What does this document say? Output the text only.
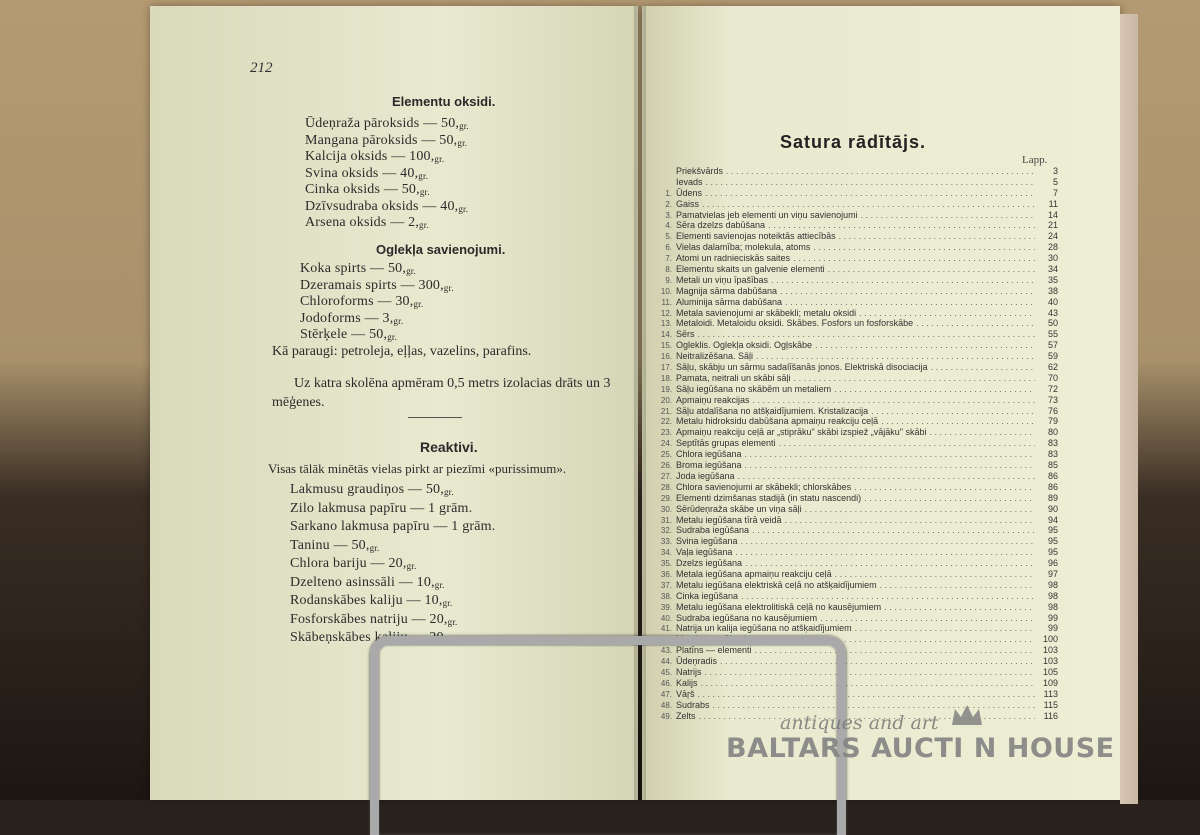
212
Elementu oksidi.
Ūdeņraža pāroksids — $50,_{gr.}$
Mangana pāroksids — $50,_{gr.}$
Kalcija oksids — $100,_{gr.}$
Svina oksids — $40,_{gr.}$
Cinka oksids — $50,_{gr.}$
Dzīvsudraba oksids — $40,_{gr.}$
Arsena oksids — $2,_{gr.}$
Oglekļa savienojumi.
Koka spirts — $50,_{gr.}$
Dzeramais spirts — $300,_{gr.}$
Chloroforms — $30,_{gr.}$
Jodoforms — $3,_{gr.}$
Stērķele — $50,_{gr.}$
Kā paraugi: petroleja, eļļas, vazelins, parafins.
Uz katra skolēna apmēram 0,5 metrs izolacias drāts un 3 mēģenes.
Reaktivi.
Visas tālāk minētās vielas pirkt ar piezīmi «purissimum».
Lakmusu graudiņos — $50,_{gr.}$
Zilo lakmusa papīru — 1 grām.
Sarkano lakmusa papīru — 1 grām.
Taninu — $50,_{gr.}$
Chlora bariju — $20,_{gr.}$
Dzelteno asinssāli — $10,_{gr.}$
Rodanskābes kaliju — $10,_{gr.}$
Fosforskābes natriju — $20,_{gr.}$
Skābeņskābes kaliju — $20,_{gr.}$
Satura rādītājs.
Lapp.
Priekšvārds . . .	3
Ievads . . .	5
1. Ūdens . . .	7
2. Gaiss . . .	11
3. Pamatvielas jeb elementi un viņu savienojumi . . .	14
4. Sēra dzelzs dabūšana . . .	21
5. Elementi savienojas noteiktās attiecībās . . .	24
6. Vielas dalamība; molekula, atoms . . .	28
7. Atomi un radnieciskās saites . . .	30
8. Elementu skaits un galvenie elementi . . .	34
9. Metali un viņu īpašības . . .	35
10. Magnija sārma dabūšana . . .	38
11. Aluminija sārma dabūšana . . .	40
12. Metala savienojumi ar skābekli; metalu oksidi . . .	43
13. Metaloidi. Metaloidu oksidi. Skābes. Fosfors un fosforskābe . . .	50
14. Sērs . . .	55
15. Ogleklis. Oglekļa oksidi. Ogļskābe . . .	57
16. Neitralizēšana. Sāļi . . .	59
17. Sāļu, skābju un sārmu sadalīšanās jonos. Elektriskā disociacija . . .	62
18. Pamata, neitrali un skābi sāļi . . .	70
19. Sāļu iegūšana no skābēm un metaliem . . .	72
20. Apmaiņu reakcijas . . .	73
21. Sāļu atdalīšana no atšķaidījumiem. Kristalizacija . . .	76
22. Metalu hidroksidu dabūšana apmaiņu reakciju ceļā . . .	79
23. Apmaiņu reakciju ceļā ar „stiprāku" skābi izspiež „vājāku" skābi . . .	80
24. Septītās grupas elementi . . .	83
25. Chlora iegūšana . . .	83
26. Broma iegūšana . . .	85
27. Joda iegūšana . . .	86
28. Chlora savienojumi ar skābekli; chlorskābes . . .	86
29. Elementi dzimšanas stadijā (in statu nascendi) . . .	89
30. Sērūdeņraža skābe un viņa sāļi . . .	90
31. Metalu iegūšana tīrā veidā . . .	94
32. Sudraba iegūšana . . .	95
33. Svina iegūšana . . .	95
34. Vaļa iegūšana . . .	95
35. Dzelzs iegūšana . . .	96
36. Metala iegūšana apmaiņu reakciju ceļā . . .	97
37. Metalu iegūšana elektriskā ceļā no atšķaidījumiem . . .	98
38. Cinka iegūšana . . .	98
39. Metalu iegūšana elektrolitiskā ceļā no kausējumiem . . .	98
40. Sudraba iegūšana no kausējumiem . . .	99
41. Natrija un kalija iegūšana no atšķaidījumiem . . .	99
42. Metalu kausējumi . . .	100
43. Platīns — elementi . . .	103
44. Ūdeņradis . . .	103
45. Natrijs . . .	105
46. Kalijs . . .	109
47. Vāŗš . . .	113
48. Sudrabs . . .	115
49. Zelts . . .	116
antiques and art
BALTARS AUCTI N HOUSE
